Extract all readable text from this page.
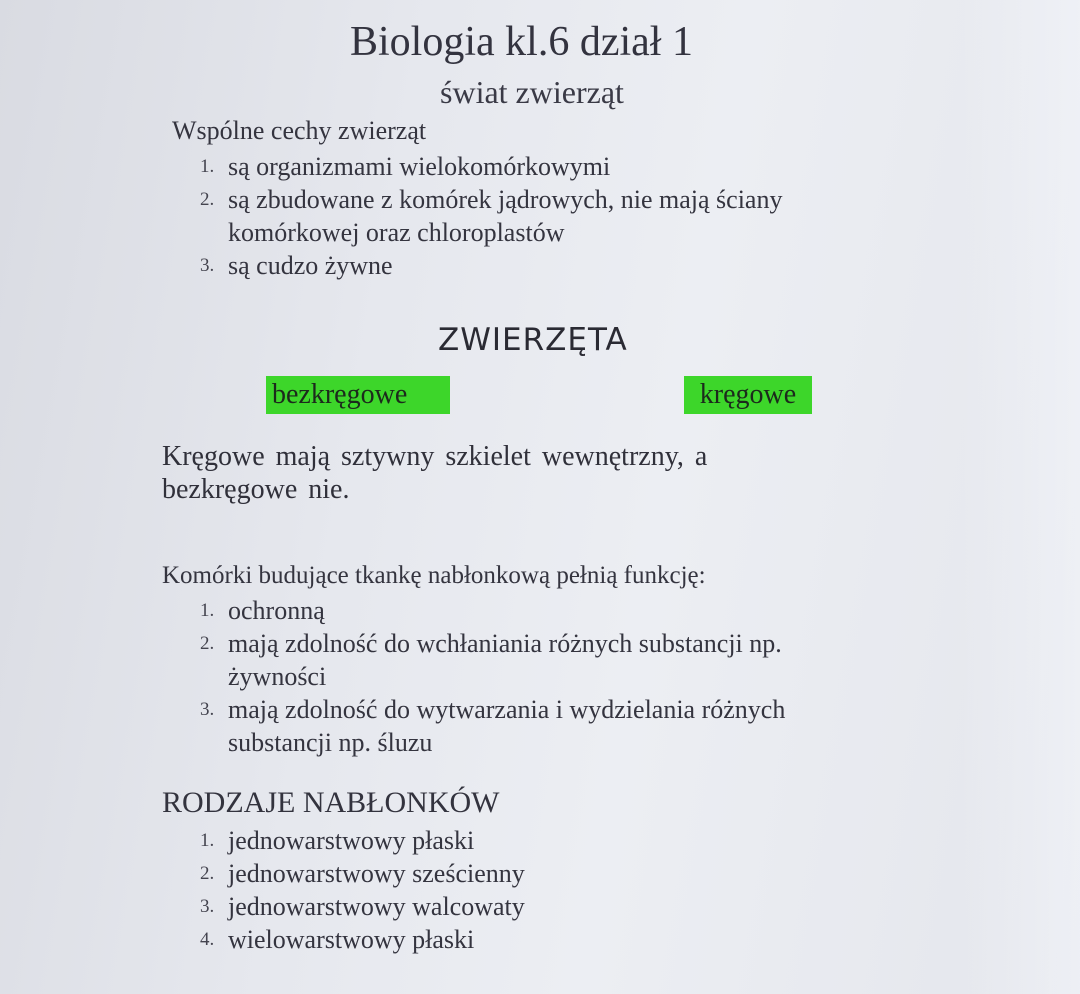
Biologia kl.6 dział 1
świat zwierząt
Wspólne cechy zwierząt
1. są organizmami wielokomórkowymi
2. są zbudowane z komórek jądrowych, nie mają ściany komórkowej oraz chloroplastów
3. są cudzo żywne
ZWIERZĘTA
bezkręgowe	kręgowe
Kręgowe mają sztywny szkielet wewnętrzny, a bezkręgowe nie.
Komórki budujące tkankę nabłonkową pełnią funkcję:
1. ochronną
2. mają zdolność do wchłaniania różnych substancji np. żywności
3. mają zdolność do wytwarzania i wydzielania różnych substancji np. śluzu
RODZAJE NABŁONKÓW
1. jednowarstwowy płaski
2. jednowarstwowy sześcienny
3. jednowarstwowy walcowaty
4. wielowarstwowy płaski
